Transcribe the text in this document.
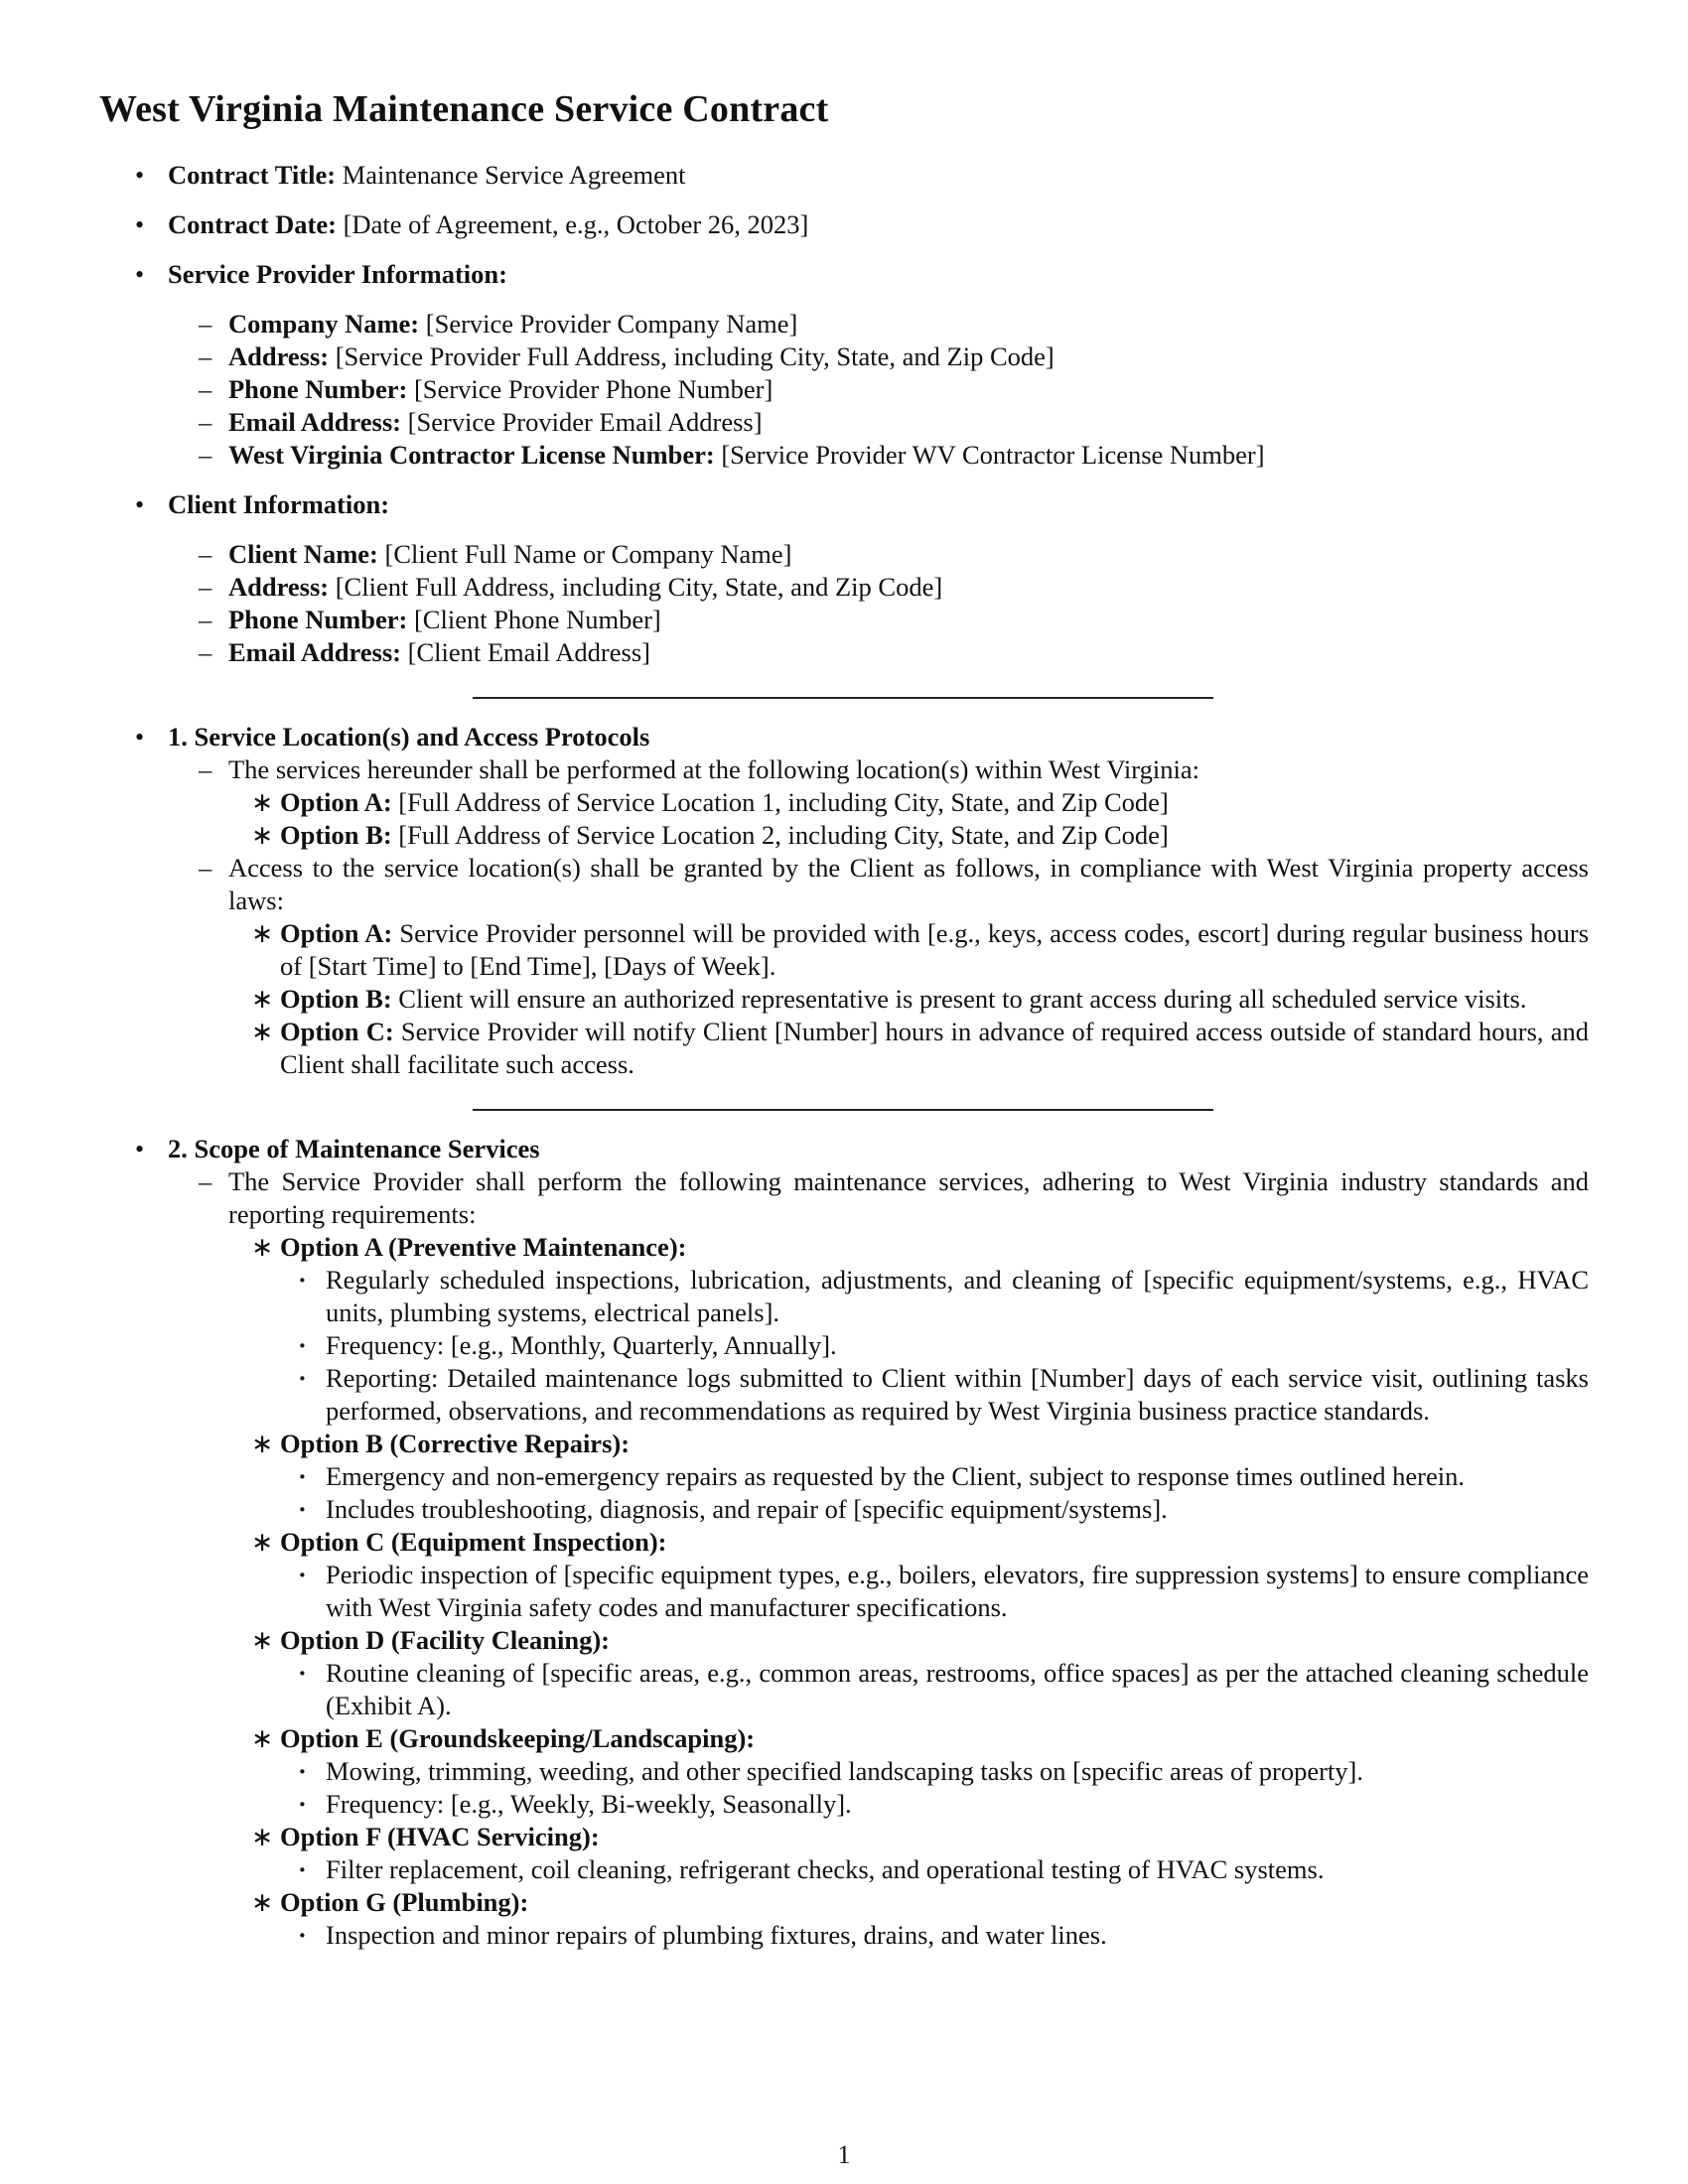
West Virginia Maintenance Service Contract
• Contract Title: Maintenance Service Agreement
• Contract Date: [Date of Agreement, e.g., October 26, 2023]
• Service Provider Information:
– Company Name: [Service Provider Company Name]
– Address: [Service Provider Full Address, including City, State, and Zip Code]
– Phone Number: [Service Provider Phone Number]
– Email Address: [Service Provider Email Address]
– West Virginia Contractor License Number: [Service Provider WV Contractor License Number]
• Client Information:
– Client Name: [Client Full Name or Company Name]
– Address: [Client Full Address, including City, State, and Zip Code]
– Phone Number: [Client Phone Number]
– Email Address: [Client Email Address]
• 1. Service Location(s) and Access Protocols
– The services hereunder shall be performed at the following location(s) within West Virginia:
∗ Option A: [Full Address of Service Location 1, including City, State, and Zip Code]
∗ Option B: [Full Address of Service Location 2, including City, State, and Zip Code]
– Access to the service location(s) shall be granted by the Client as follows, in compliance with West Virginia property access laws:
∗ Option A: Service Provider personnel will be provided with [e.g., keys, access codes, escort] during regular business hours of [Start Time] to [End Time], [Days of Week].
∗ Option B: Client will ensure an authorized representative is present to grant access during all scheduled service visits.
∗ Option C: Service Provider will notify Client [Number] hours in advance of required access outside of standard hours, and Client shall facilitate such access.
• 2. Scope of Maintenance Services
– The Service Provider shall perform the following maintenance services, adhering to West Virginia industry standards and reporting requirements:
∗ Option A (Preventive Maintenance):
· Regularly scheduled inspections, lubrication, adjustments, and cleaning of [specific equipment/systems, e.g., HVAC units, plumbing systems, electrical panels].
· Frequency: [e.g., Monthly, Quarterly, Annually].
· Reporting: Detailed maintenance logs submitted to Client within [Number] days of each service visit, outlining tasks performed, observations, and recommendations as required by West Virginia business practice standards.
∗ Option B (Corrective Repairs):
· Emergency and non-emergency repairs as requested by the Client, subject to response times outlined herein.
· Includes troubleshooting, diagnosis, and repair of [specific equipment/systems].
∗ Option C (Equipment Inspection):
· Periodic inspection of [specific equipment types, e.g., boilers, elevators, fire suppression systems] to ensure compliance with West Virginia safety codes and manufacturer specifications.
∗ Option D (Facility Cleaning):
· Routine cleaning of [specific areas, e.g., common areas, restrooms, office spaces] as per the attached cleaning schedule (Exhibit A).
∗ Option E (Groundskeeping/Landscaping):
· Mowing, trimming, weeding, and other specified landscaping tasks on [specific areas of property].
· Frequency: [e.g., Weekly, Bi-weekly, Seasonally].
∗ Option F (HVAC Servicing):
· Filter replacement, coil cleaning, refrigerant checks, and operational testing of HVAC systems.
∗ Option G (Plumbing):
· Inspection and minor repairs of plumbing fixtures, drains, and water lines.
1
